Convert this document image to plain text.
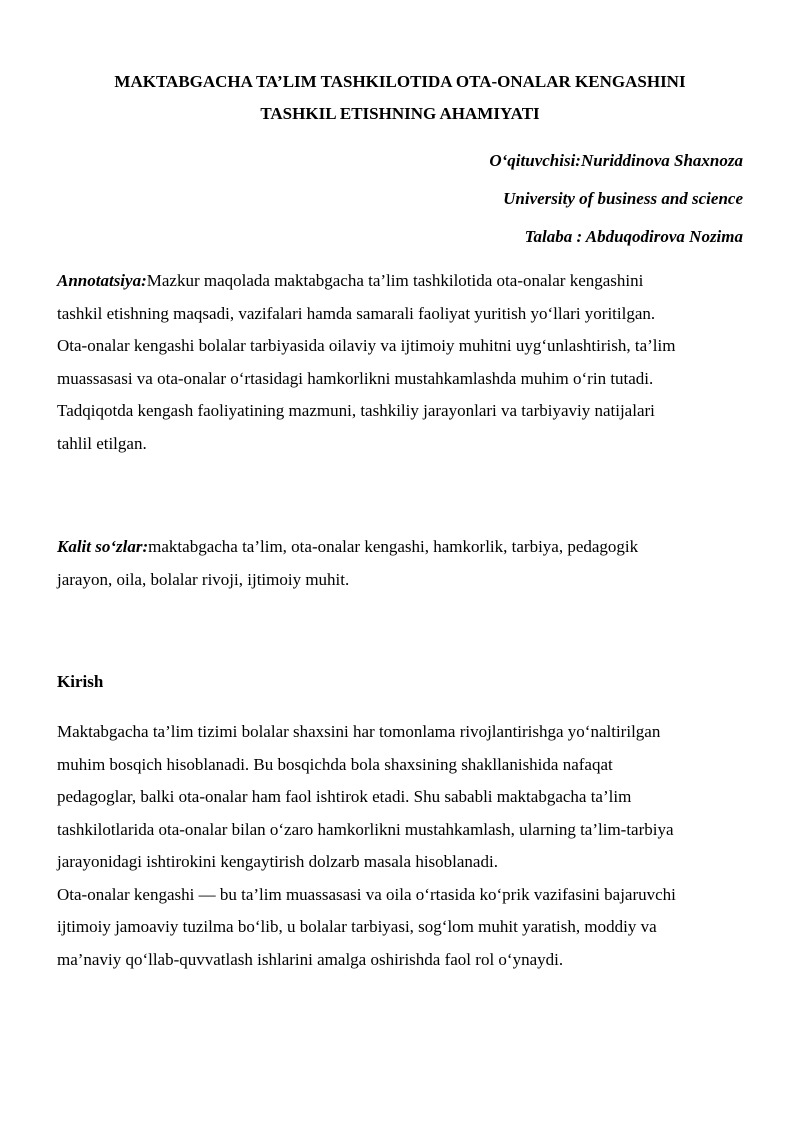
MAKTABGACHA TA’LIM TASHKILOTIDA OTA-ONALAR KENGASHINI
TASHKIL ETISHNING AHAMIYATI
O‘qituvchisi:Nuriddinova Shaxnoza
University of business and science
Talaba : Abduqodirova Nozima

Annotatsiya:Mazkur maqolada maktabgacha ta’lim tashkilotida ota-onalar kengashini
tashkil etishning maqsadi, vazifalari hamda samarali faoliyat yuritish yo‘llari yoritilgan.
Ota-onalar kengashi bolalar tarbiyasida oilaviy va ijtimoiy muhitni uyg‘unlashtirish, ta’lim
muassasasi va ota-onalar o‘rtasidagi hamkorlikni mustahkamlashda muhim o‘rin tutadi.
Tadqiqotda kengash faoliyatining mazmuni, tashkiliy jarayonlari va tarbiyaviy natijalari
tahlil etilgan.

Kalit so‘zlar:maktabgacha ta’lim, ota-onalar kengashi, hamkorlik, tarbiya, pedagogik
jarayon, oila, bolalar rivoji, ijtimoiy muhit.

Kirish

Maktabgacha ta’lim tizimi bolalar shaxsini har tomonlama rivojlantirishga yo‘naltirilgan
muhim bosqich hisoblanadi. Bu bosqichda bola shaxsining shakllanishida nafaqat
pedagoglar, balki ota-onalar ham faol ishtirok etadi. Shu sababli maktabgacha ta’lim
tashkilotlarida ota-onalar bilan o‘zaro hamkorlikni mustahkamlash, ularning ta’lim-tarbiya
jarayonidagi ishtirokini kengaytirish dolzarb masala hisoblanadi.
Ota-onalar kengashi — bu ta’lim muassasasi va oila o‘rtasida ko‘prik vazifasini bajaruvchi
ijtimoiy jamoaviy tuzilma bo‘lib, u bolalar tarbiyasi, sog‘lom muhit yaratish, moddiy va
ma’naviy qo‘llab-quvvatlash ishlarini amalga oshirishda faol rol o‘ynaydi.
